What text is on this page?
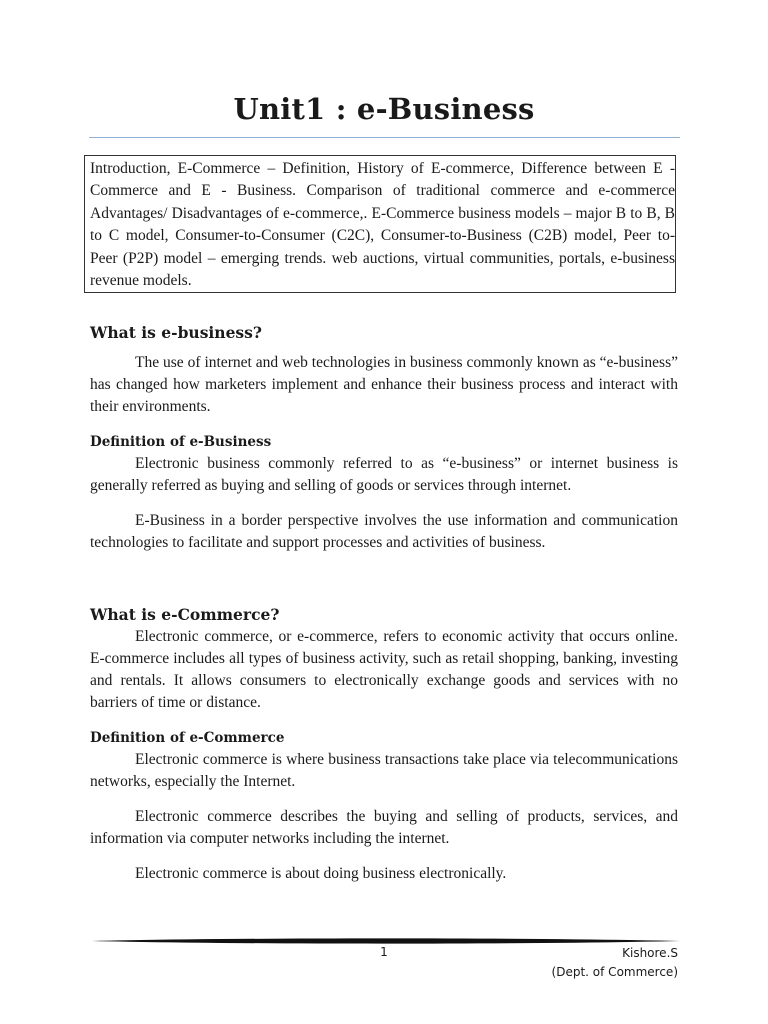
Unit1 : e-Business
Introduction, E-Commerce – Definition, History of E-commerce, Difference between E - Commerce and E - Business. Comparison of traditional commerce and e-commerce Advantages/ Disadvantages of e-commerce,. E-Commerce business models – major B to B, B to C model, Consumer-to-Consumer (C2C), Consumer-to-Business (C2B) model, Peer to-Peer (P2P) model – emerging trends. web auctions, virtual communities, portals, e-business revenue models.
What is e-business?

The use of internet and web technologies in business commonly known as “e-business” has changed how marketers implement and enhance their business process and interact with their environments.

Definition of e-Business

Electronic business commonly referred to as “e-business” or internet business is generally referred as buying and selling of goods or services through internet.

E-Business in a border perspective involves the use information and communication technologies to facilitate and support processes and activities of business.

What is e-Commerce?

Electronic commerce, or e-commerce, refers to economic activity that occurs online. E-commerce includes all types of business activity, such as retail shopping, banking, investing and rentals. It allows consumers to electronically exchange goods and services with no barriers of time or distance.

Definition of e-Commerce

Electronic commerce is where business transactions take place via telecommunications networks, especially the Internet.

Electronic commerce describes the buying and selling of products, services, and information via computer networks including the internet.

Electronic commerce is about doing business electronically.

1	Kishore.S
(Dept. of Commerce)
